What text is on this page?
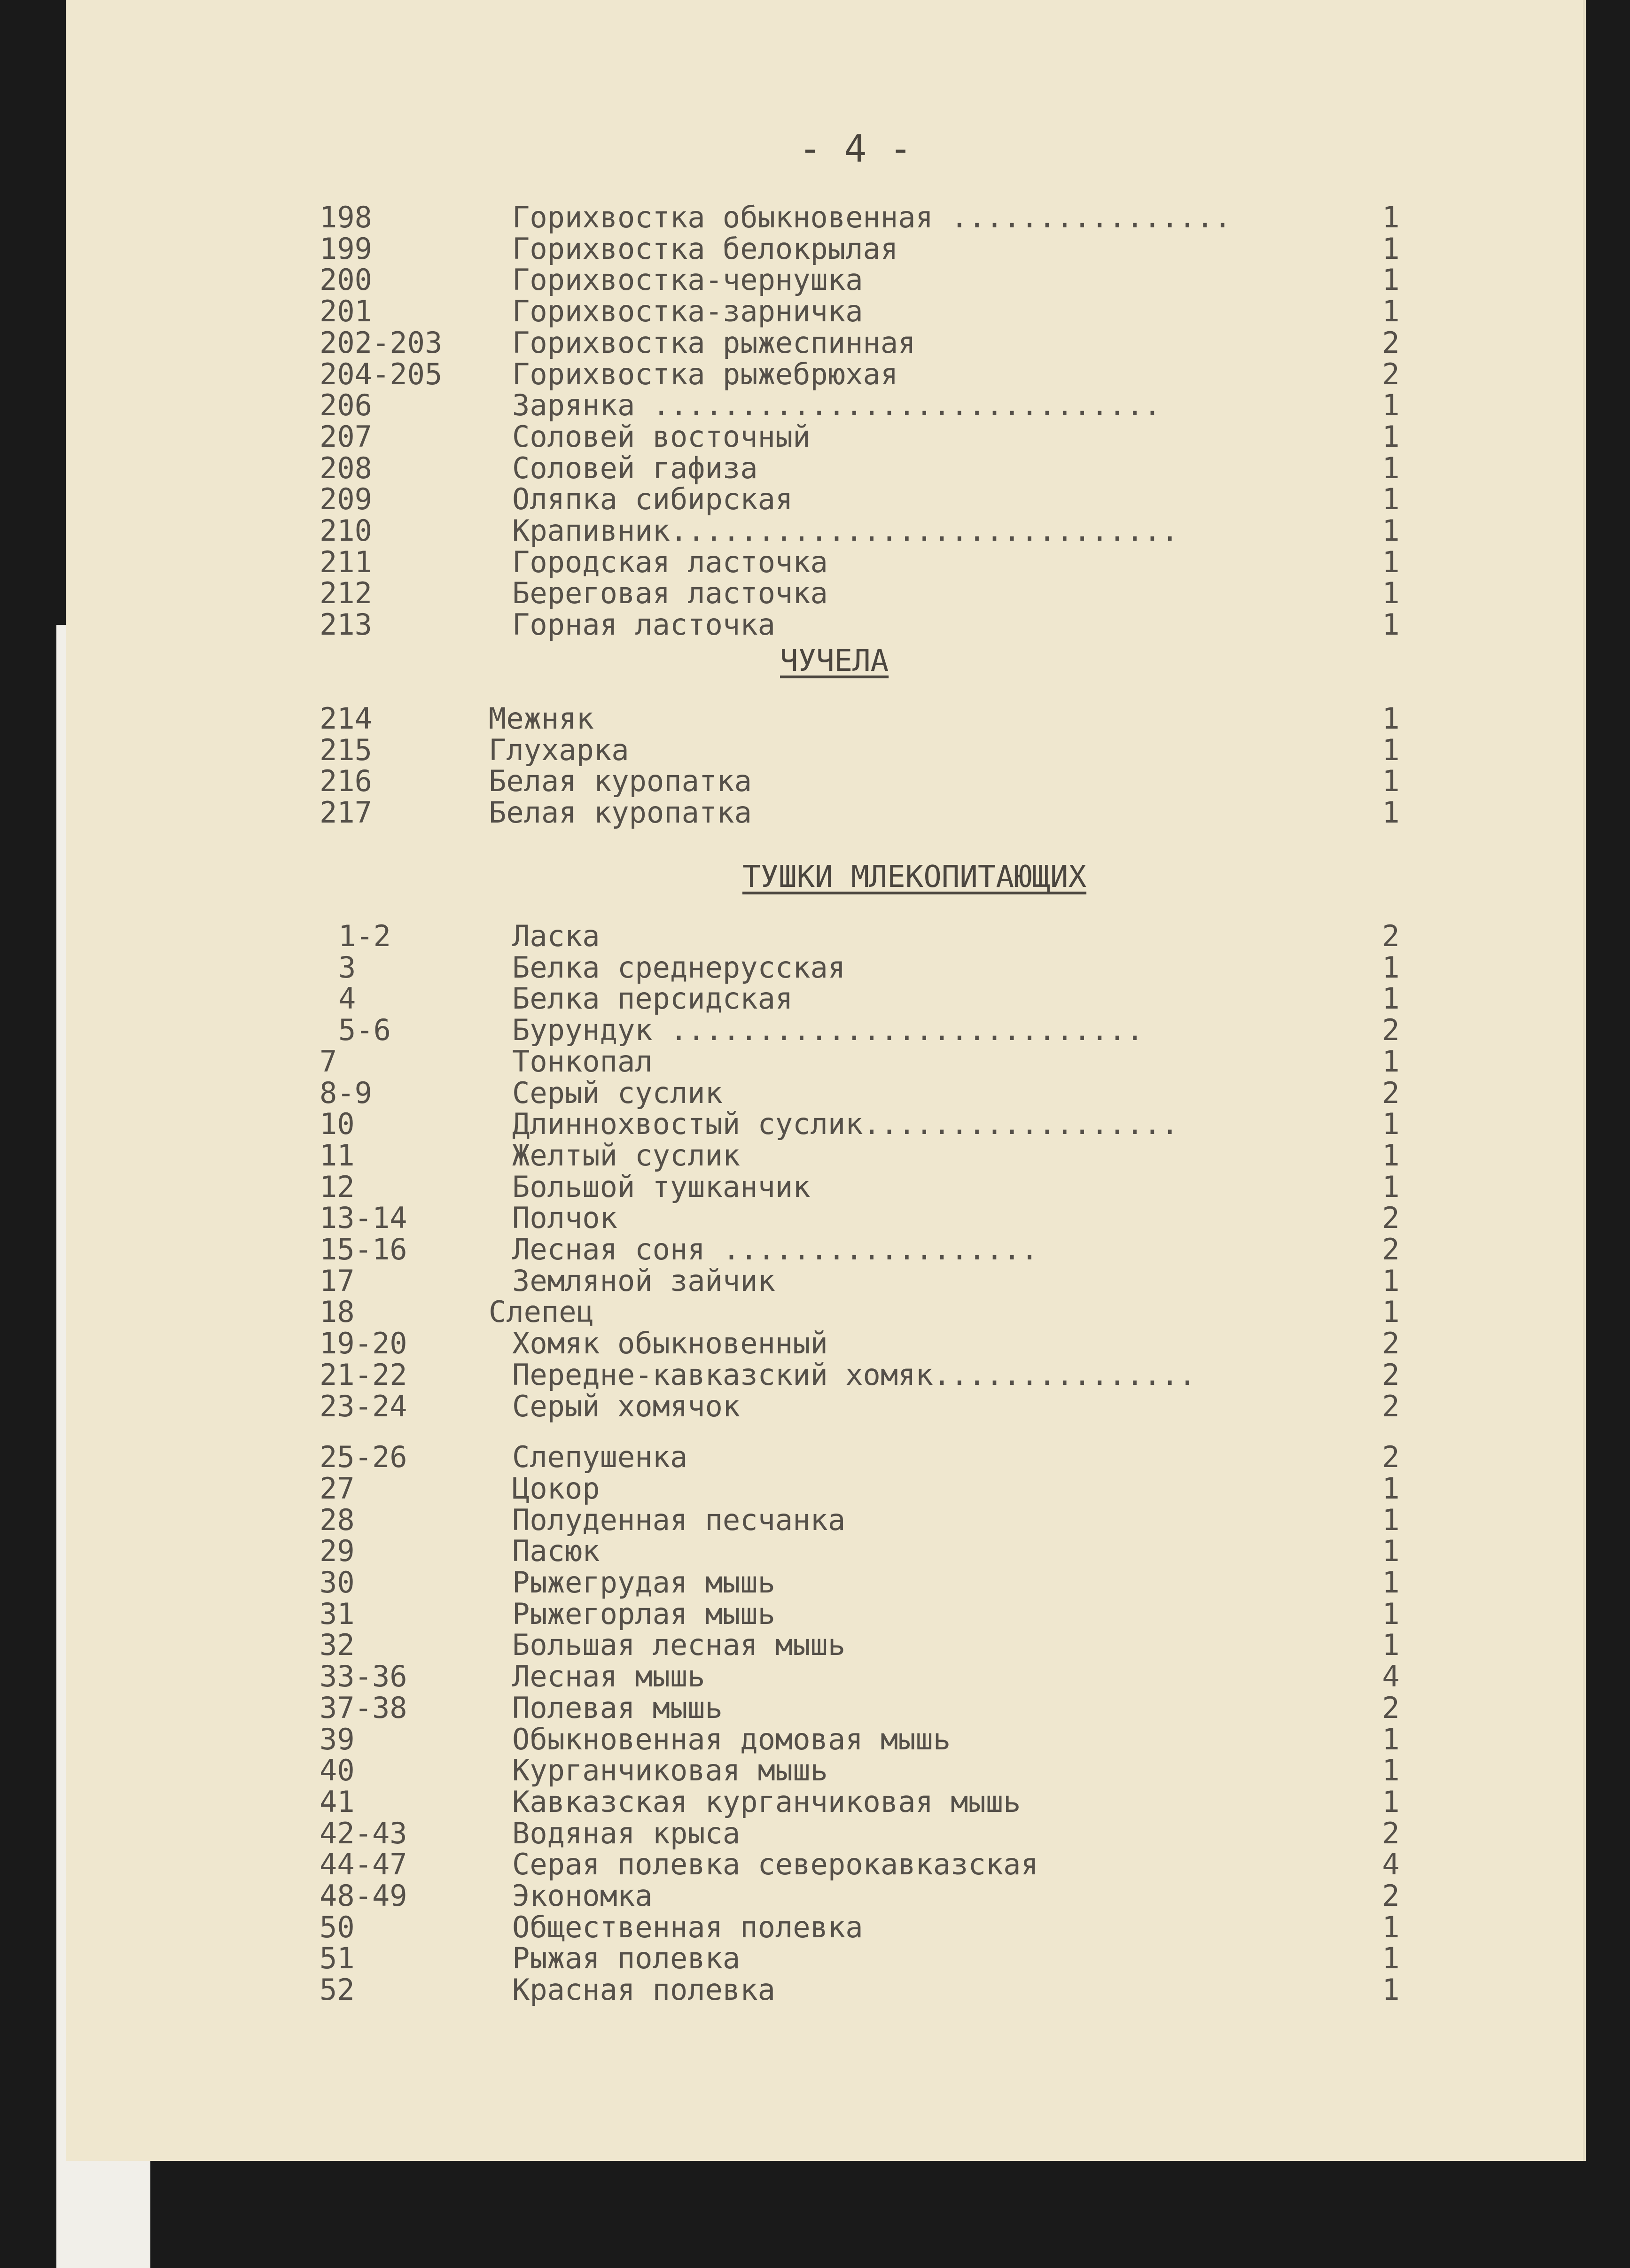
- 4 -
198	Горихвостка обыкновенная ................	1
199	Горихвостка белокрылая	1
200	Горихвостка-чернушка	1
201	Горихвостка-зарничка	1
202-203 Горихвостка рыжеспинная	2
204-205 Горихвостка рыжебрюхая	2
206	Зарянка .............................	1
207	Соловей восточный	1
208	Соловей гафиза	1
209	Оляпка сибирская	1
210	Крапивник.............................	1
211	Городская ласточка	1
212	Береговая ласточка	1
213	Горная ласточка	1
ЧУЧЕЛА
214	Межняк	1
215	Глухарка	1
216	Белая куропатка	1
217	Белая куропатка	1
ТУШКИ МЛЕКОПИТАЮЩИХ
1-2	Ласка	2
3	Белка среднерусская	1
4	Белка персидская	1
5-6	Бурундук ...........................	2
7	Тонкопал	1
8-9	Серый суслик	2
10	Длиннохвостый суслик..................	1
11	Желтый суслик	1
12	Большой тушканчик	1
13-14	Полчок	2
15-16	Лесная соня ..................	2
17	Земляной зайчик	1
18	Слепец	1
19-20	Хомяк обыкновенный	2
21-22	Передне-кавказский хомяк...............	2
23-24	Серый хомячок	2
25-26	Слепушенка	2
27	Цокор	1
28	Полуденная песчанка	1
29	Пасюк	1
30	Рыжегрудая мышь	1
31	Рыжегорлая мышь	1
32	Большая лесная мышь	1
33-36	Лесная мышь	4
37-38	Полевая мышь	2
39	Обыкновенная домовая мышь	1
40	Курганчиковая мышь	1
41	Кавказская курганчиковая мышь	1
42-43	Водяная крыса	2
44-47	Серая полевка северокавказская	4
48-49	Экономка	2
50	Общественная полевка	1
51	Рыжая полевка	1
52	Красная полевка	1
